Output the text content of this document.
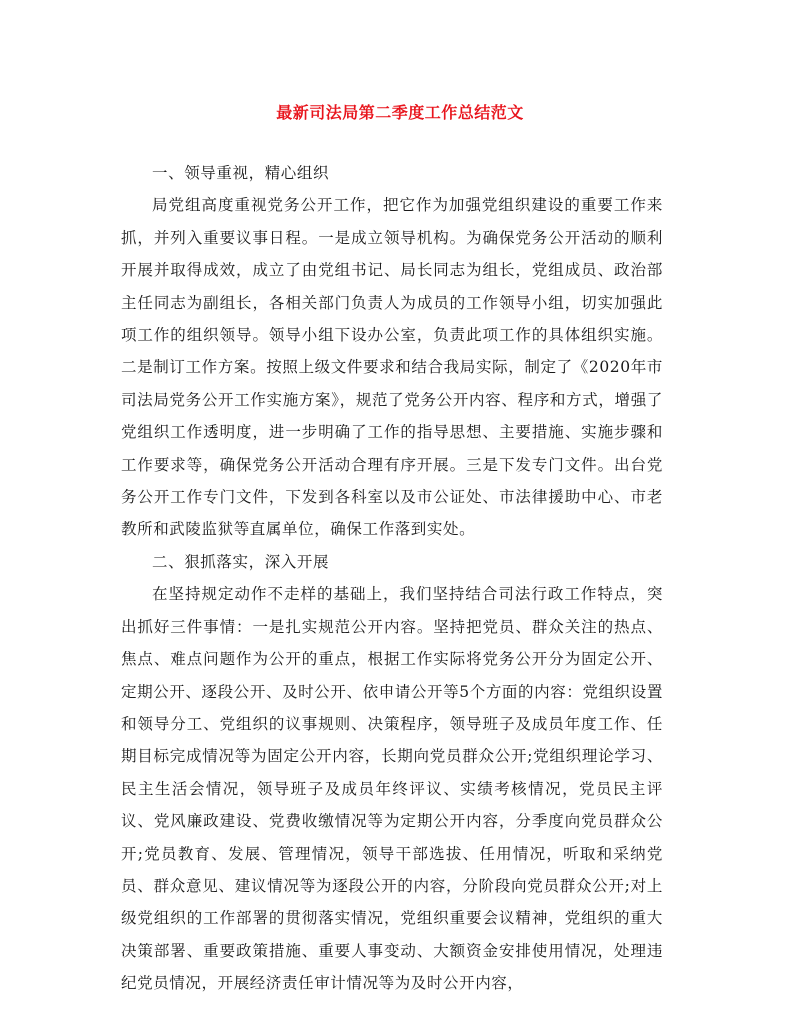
最新司法局第二季度工作总结范文

一、领导重视，精心组织

局党组高度重视党务公开工作，把它作为加强党组织建设的重要工作来抓，并列入重要议事日程。一是成立领导机构。为确保党务公开活动的顺利开展并取得成效，成立了由党组书记、局长同志为组长，党组成员、政治部主任同志为副组长，各相关部门负责人为成员的工作领导小组，切实加强此项工作的组织领导。领导小组下设办公室，负责此项工作的具体组织实施。二是制订工作方案。按照上级文件要求和结合我局实际，制定了《2020年市司法局党务公开工作实施方案》，规范了党务公开内容、程序和方式，增强了党组织工作透明度，进一步明确了工作的指导思想、主要措施、实施步骤和工作要求等，确保党务公开活动合理有序开展。三是下发专门文件。出台党务公开工作专门文件，下发到各科室以及市公证处、市法律援助中心、市老教所和武陵监狱等直属单位，确保工作落到实处。

二、狠抓落实，深入开展

在坚持规定动作不走样的基础上，我们坚持结合司法行政工作特点，突出抓好三件事情：一是扎实规范公开内容。坚持把党员、群众关注的热点、焦点、难点问题作为公开的重点，根据工作实际将党务公开分为固定公开、定期公开、逐段公开、及时公开、依申请公开等5个方面的内容：党组织设置和领导分工、党组织的议事规则、决策程序，领导班子及成员年度工作、任期目标完成情况等为固定公开内容，长期向党员群众公开;党组织理论学习、民主生活会情况，领导班子及成员年终评议、实绩考核情况，党员民主评议、党风廉政建设、党费收缴情况等为定期公开内容，分季度向党员群众公开;党员教育、发展、管理情况，领导干部选拔、任用情况，听取和采纳党员、群众意见、建议情况等为逐段公开的内容，分阶段向党员群众公开;对上级党组织的工作部署的贯彻落实情况，党组织重要会议精神，党组织的重大决策部署、重要政策措施、重要人事变动、大额资金安排使用情况，处理违纪党员情况，开展经济责任审计情况等为及时公开内容，
